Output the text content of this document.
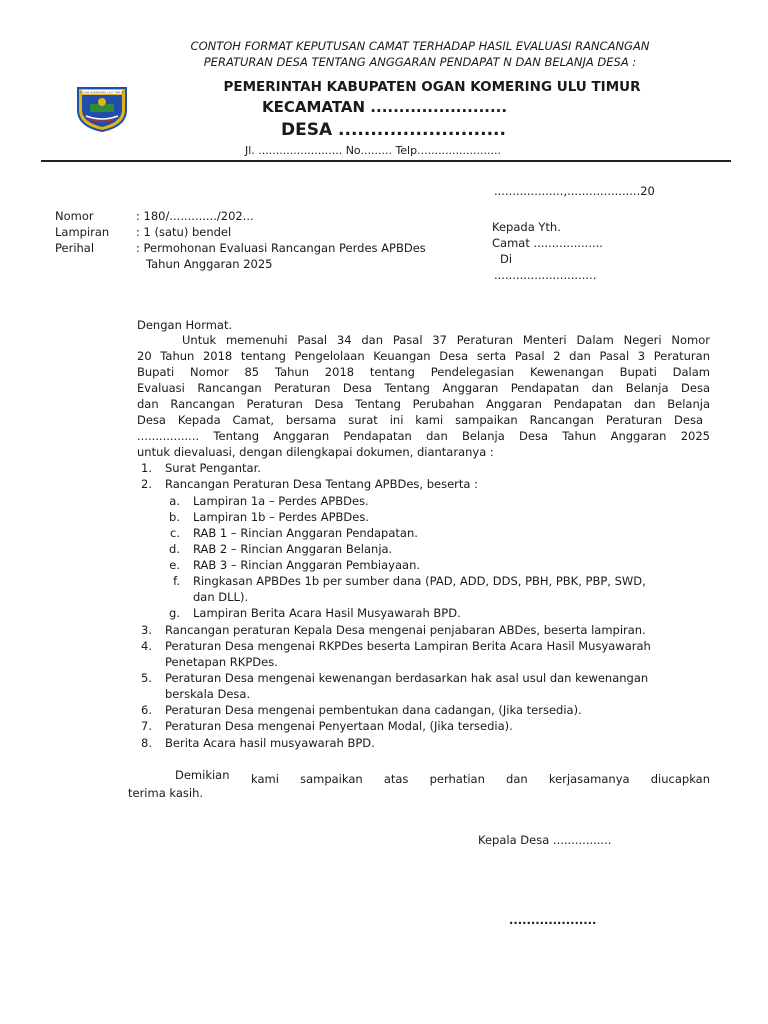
CONTOH FORMAT KEPUTUSAN CAMAT TERHADAP HASIL EVALUASI RANCANGAN
PERATURAN DESA TENTANG ANGGARAN PENDAPAT N DAN BELANJA DESA :
OGAN KOMERING ULU TIMUR	PEMERINTAH KABUPATEN OGAN KOMERING ULU TIMUR
KECAMATAN ........................
DESA ..........................
Jl. ........................ No......... Telp........................
...................,....................20
Nomor	: 180/............./202...
Lampiran : 1 (satu) bendel
Perihal	: Permohonan Evaluasi Rancangan Perdes APBDes
Tahun Anggaran 2025
Kepada Yth.
Camat ...................
Di
............................
Dengan Hormat.
Untuk memenuhi Pasal 34 dan Pasal 37 Peraturan Menteri Dalam Negeri Nomor
20 Tahun 2018 tentang Pengelolaan Keuangan Desa serta Pasal 2 dan Pasal 3 Peraturan
Bupati Nomor 85 Tahun 2018 tentang Pendelegasian Kewenangan Bupati Dalam
Evaluasi Rancangan Peraturan Desa Tentang Anggaran Pendapatan dan Belanja Desa
dan Rancangan Peraturan Desa Tentang Perubahan Anggaran Pendapatan dan Belanja
Desa Kepada Camat, bersama surat ini kami sampaikan Rancangan Peraturan Desa
................. Tentang Anggaran Pendapatan dan Belanja Desa Tahun Anggaran 2025
untuk dievaluasi, dengan dilengkapai dokumen, diantaranya :
1. Surat Pengantar.
2. Rancangan Peraturan Desa Tentang APBDes, beserta :
a. Lampiran 1a – Perdes APBDes.
b. Lampiran 1b – Perdes APBDes.
c. RAB 1 – Rincian Anggaran Pendapatan.
d. RAB 2 – Rincian Anggaran Belanja.
e. RAB 3 – Rincian Anggaran Pembiayaan.
f. Ringkasan APBDes 1b per sumber dana (PAD, ADD, DDS, PBH, PBK, PBP, SWD,
dan DLL).
g. Lampiran Berita Acara Hasil Musyawarah BPD.
3. Rancangan peraturan Kepala Desa mengenai penjabaran ABDes, beserta lampiran.
4. Peraturan Desa mengenai RKPDes beserta Lampiran Berita Acara Hasil Musyawarah
Penetapan RKPDes.
5. Peraturan Desa mengenai kewenangan berdasarkan hak asal usul dan kewenangan
berskala Desa.
6. Peraturan Desa mengenai pembentukan dana cadangan, (Jika tersedia).
7. Peraturan Desa mengenai Penyertaan Modal, (Jika tersedia).
8. Berita Acara hasil musyawarah BPD.
Demikian kami sampaikan atas perhatian dan kerjasamanya diucapkan
terima kasih.
Kepala Desa ................
....................
